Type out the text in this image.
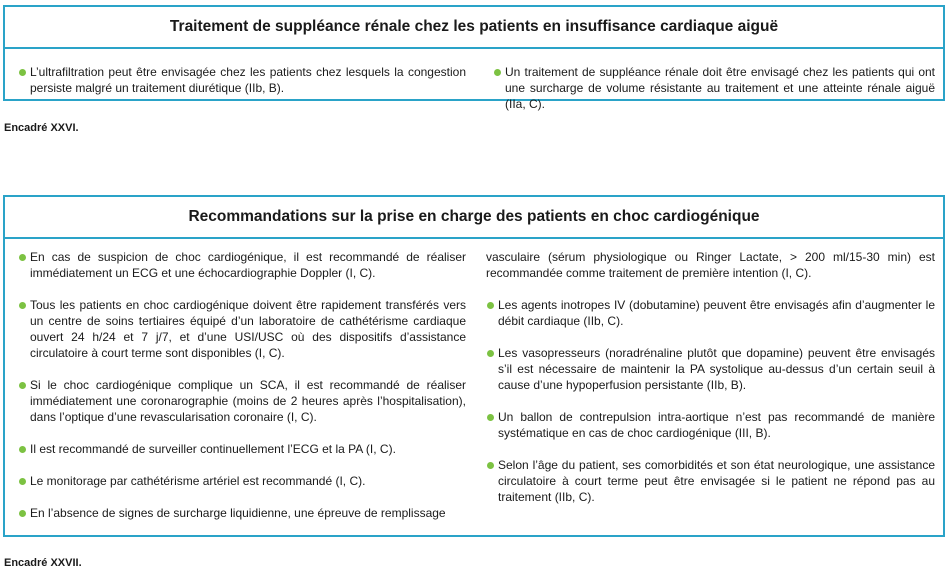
Traitement de suppléance rénale chez les patients en insuffisance cardiaque aiguë
L’ultrafiltration peut être envisagée chez les patients chez lesquels la congestion persiste malgré un traitement diurétique (IIb, B).
Un traitement de suppléance rénale doit être envisagé chez les patients qui ont une surcharge de volume résistante au traitement et une atteinte rénale aiguë (IIa, C).
Encadré XXVI.
Recommandations sur la prise en charge des patients en choc cardiogénique
En cas de suspicion de choc cardiogénique, il est recommandé de réaliser immédiatement un ECG et une échocardiographie Doppler (I, C).
Tous les patients en choc cardiogénique doivent être rapidement transférés vers un centre de soins tertiaires équipé d’un laboratoire de cathétérisme cardiaque ouvert 24 h/24 et 7 j/7, et d’une USI/USC où des dispositifs d’assistance circulatoire à court terme sont disponibles (I, C).
Si le choc cardiogénique complique un SCA, il est recommandé de réaliser immédiatement une coronarographie (moins de 2 heures après l’hospitalisation), dans l’optique d’une revascularisation coronaire (I, C).
Il est recommandé de surveiller continuellement l’ECG et la PA (I, C).
Le monitorage par cathétérisme artériel est recommandé (I, C).
En l’absence de signes de surcharge liquidienne, une épreuve de remplissage
vasculaire (sérum physiologique ou Ringer Lactate, > 200 ml/15-30 min) est recommandée comme traitement de première intention (I, C).
Les agents inotropes IV (dobutamine) peuvent être envisagés afin d’augmenter le débit cardiaque (IIb, C).
Les vasopresseurs (noradrénaline plutôt que dopamine) peuvent être envisagés s’il est nécessaire de maintenir la PA systolique au-dessus d’un certain seuil à cause d’une hypoperfusion persistante (IIb, B).
Un ballon de contrepulsion intra-aortique n’est pas recommandé de manière systématique en cas de choc cardiogénique (III, B).
Selon l’âge du patient, ses comorbidités et son état neurologique, une assistance circulatoire à court terme peut être envisagée si le patient ne répond pas au traitement (IIb, C).
Encadré XXVII.
